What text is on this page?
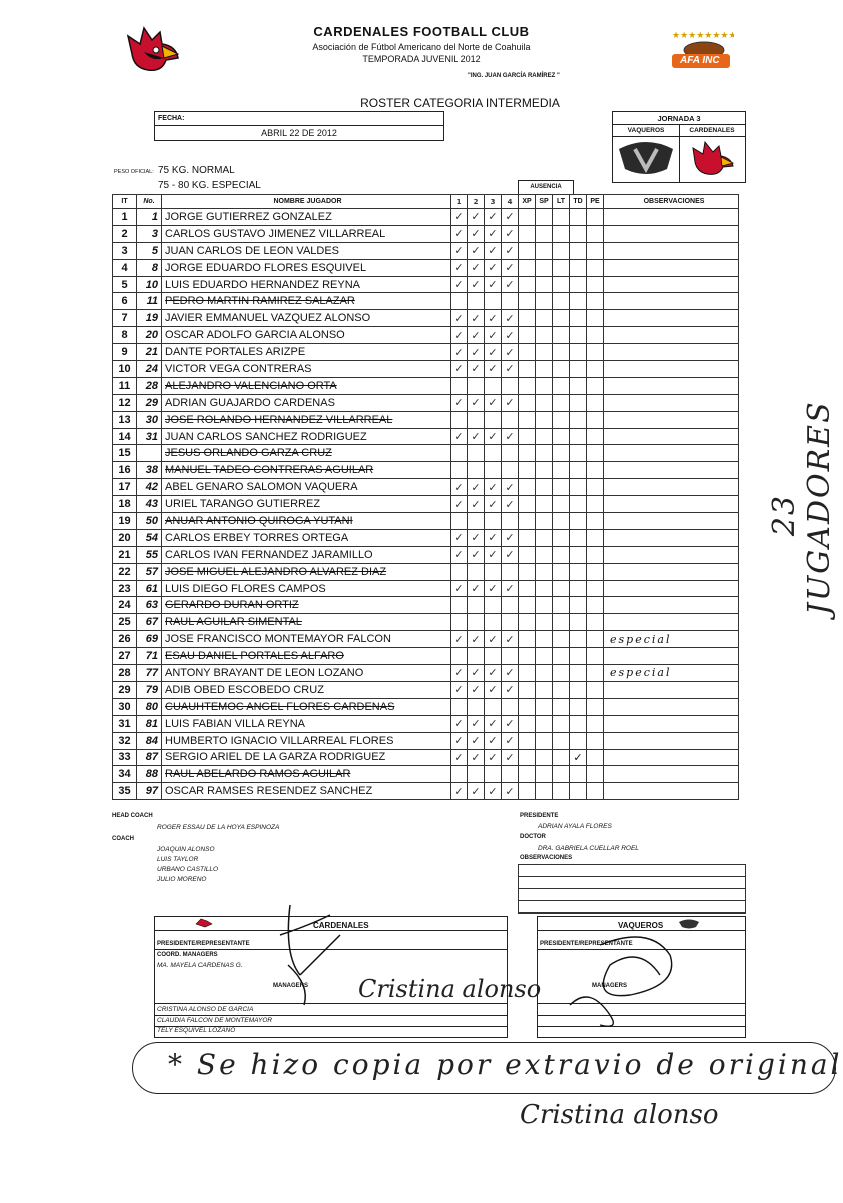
★★★★★★★★
AFA INC
CARDENALES FOOTBALL CLUB
Asociación de Fútbol Americano del Norte de Coahuila
TEMPORADA JUVENIL 2012
"ING. JUAN GARCÍA RAMÍREZ "
ROSTER CATEGORIA INTERMEDIA
FECHA:
ABRIL 22 DE 2012
JORNADA 3
VAQUEROS	CARDENALES
PESO OFICIAL: 75 KG. NORMAL
75 - 80 KG. ESPECIAL	AUSENCIA
IT	No.	NOMBRE JUGADOR	1	2	3	4	XP	SP	LT	TD	PE	OBSERVACIONES
1	1	JORGE GUTIERREZ GONZALEZ	✓	✓	✓	✓						
2	3	CARLOS GUSTAVO JIMENEZ VILLARREAL	✓	✓	✓	✓						
3	5	JUAN CARLOS DE LEON VALDES	✓	✓	✓	✓						
4	8	JORGE EDUARDO FLORES ESQUIVEL	✓	✓	✓	✓						
5	10	LUIS EDUARDO HERNANDEZ REYNA	✓	✓	✓	✓						
6	11	PEDRO MARTIN RAMIREZ SALAZAR										
7	19	JAVIER EMMANUEL VAZQUEZ ALONSO	✓	✓	✓	✓						
8	20	OSCAR ADOLFO GARCIA ALONSO	✓	✓	✓	✓						
9	21	DANTE PORTALES ARIZPE	✓	✓	✓	✓						
10	24	VICTOR VEGA CONTRERAS	✓	✓	✓	✓						
11	28	ALEJANDRO VALENCIANO ORTA										
12	29	ADRIAN GUAJARDO CARDENAS	✓	✓	✓	✓						
13	30	JOSE ROLANDO HERNANDEZ VILLARREAL										
14	31	JUAN CARLOS SANCHEZ RODRIGUEZ	✓	✓	✓	✓						
15		JESUS ORLANDO GARZA CRUZ										
16	38	MANUEL TADEO CONTRERAS AGUILAR										
17	42	ABEL GENARO SALOMON VAQUERA	✓	✓	✓	✓						
18	43	URIEL TARANGO GUTIERREZ	✓	✓	✓	✓						
19	50	ANUAR ANTONIO QUIROGA YUTANI										
20	54	CARLOS ERBEY TORRES ORTEGA	✓	✓	✓	✓						
21	55	CARLOS IVAN FERNANDEZ JARAMILLO	✓	✓	✓	✓						
22	57	JOSE MIGUEL ALEJANDRO ALVAREZ DIAZ										
23	61	LUIS DIEGO FLORES CAMPOS	✓	✓	✓	✓						
24	63	GERARDO DURAN ORTIZ										
25	67	RAUL AGUILAR SIMENTAL										
26	69	JOSE FRANCISCO MONTEMAYOR FALCON	✓	✓	✓	✓						especial
27	71	ESAU DANIEL PORTALES ALFARO										
28	77	ANTONY BRAYANT DE LEON LOZANO	✓	✓	✓	✓						especial
29	79	ADIB OBED ESCOBEDO CRUZ	✓	✓	✓	✓						
30	80	CUAUHTEMOC ANGEL FLORES CARDENAS										
31	81	LUIS FABIAN VILLA REYNA	✓	✓	✓	✓						
32	84	HUMBERTO IGNACIO VILLARREAL FLORES	✓	✓	✓	✓						
33	87	SERGIO ARIEL DE LA GARZA RODRIGUEZ	✓	✓	✓	✓				✓		
34	88	RAUL ABELARDO RAMOS AGUILAR										
35	97	OSCAR RAMSES RESENDEZ SANCHEZ	✓	✓	✓	✓						
HEAD COACH
ROGER ESSAU DE LA HOYA ESPINOZA
COACH
JOAQUIN ALONSO
LUIS TAYLOR
URBANO CASTILLO
JULIO MORENO
PRESIDENTE
ADRIAN AYALA FLORES
DOCTOR
DRA. GABRIELA CUELLAR ROEL
OBSERVACIONES
CARDENALES
PRESIDENTE/REPRESENTANTE
COORD. MANAGERS
MA. MAYELA CARDENAS G.
MANAGERS
CRISTINA ALONSO DE GARCIA
CLAUDIA FALCON DE MONTEMAYOR
TELY ESQUIVEL LOZANO
Cristina alonso
VAQUEROS
PRESIDENTE/REPRESENTANTE
MANAGERS
23 JUGADORES
* Se hizo copia por extravio de original
Cristina alonso
